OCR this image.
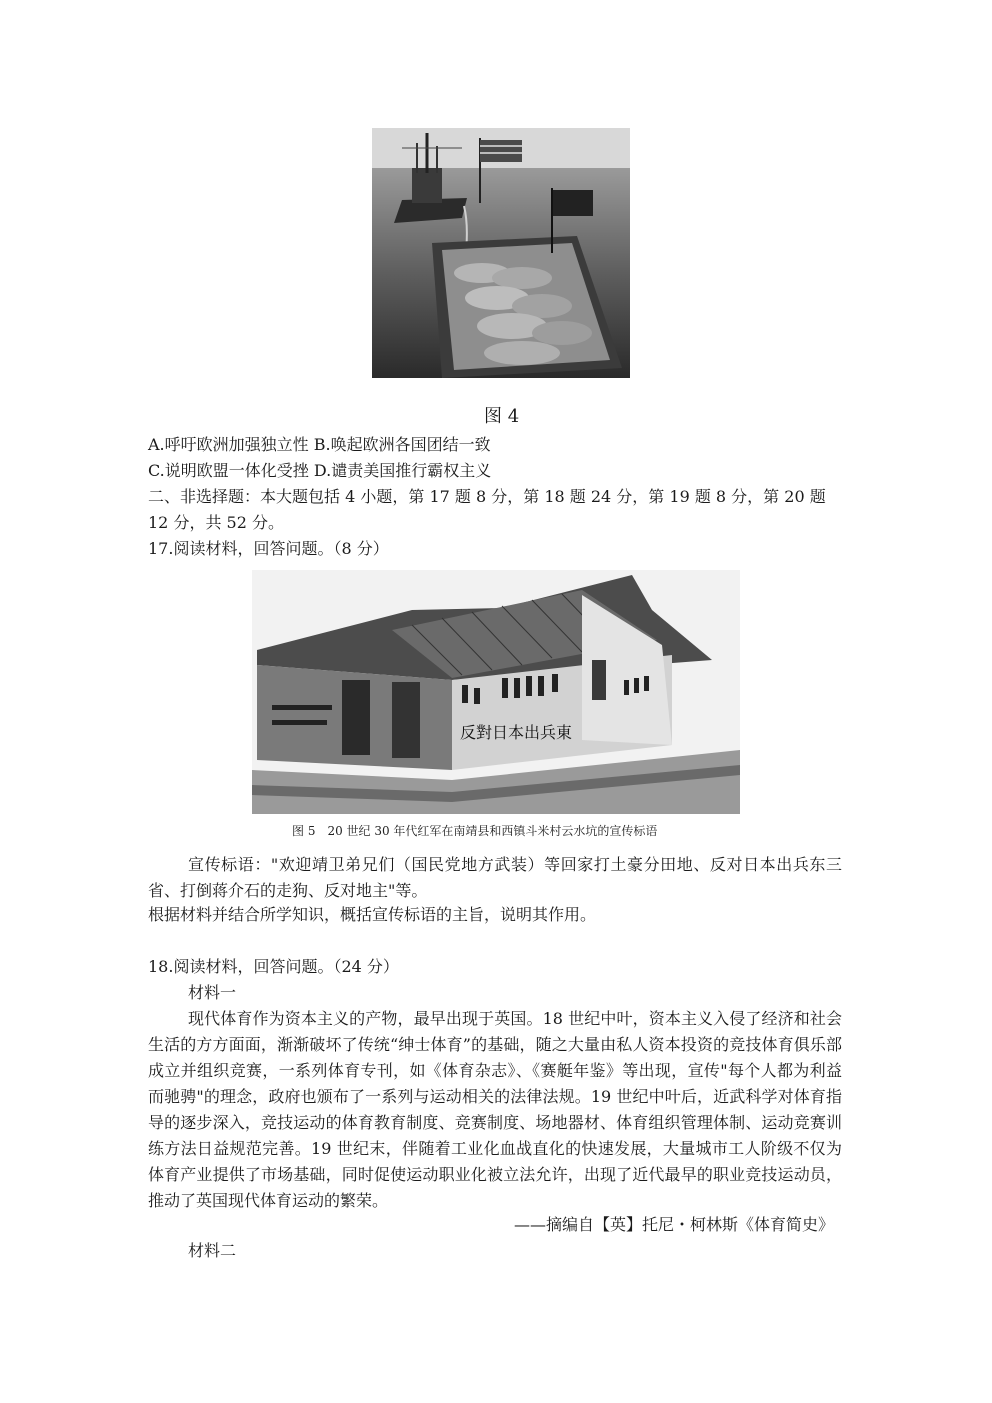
图 4
A.呼吁欧洲加强独立性 B.唤起欧洲各国团结一致
C.说明欧盟一体化受挫 D.谴责美国推行霸权主义
二、非选择题：本大题包括 4 小题，第 17 题 8 分，第 18 题 24 分，第 19 题 8 分，第 20 题
12 分，共 52 分。
17.阅读材料，回答问题。（8 分）
反對日本出兵東
图 5　20 世纪 30 年代红军在南靖县和西镇斗米村云水坑的宣传标语
宣传标语："欢迎靖卫弟兄们（国民党地方武装）等回家打土豪分田地、反对日本出兵东三省、打倒蒋介石的走狗、反对地主"等。
根据材料并结合所学知识，概括宣传标语的主旨，说明其作用。
18.阅读材料，回答问题。（24 分）
材料一
现代体育作为资本主义的产物，最早出现于英国。18 世纪中叶，资本主义入侵了经济和社会生活的方方面面，渐渐破坏了传统“绅士体育”的基础，随之大量由私人资本投资的竞技体育俱乐部成立并组织竞赛，一系列体育专刊，如《体育杂志》、《赛艇年鉴》等出现，宣传"每个人都为利益而驰骋"的理念，政府也颁布了一系列与运动相关的法律法规。19 世纪中叶后，近武科学对体育指导的逐步深入，竞技运动的体育教育制度、竞赛制度、场地器材、体育组织管理体制、运动竞赛训练方法日益规范完善。19 世纪末，伴随着工业化血战直化的快速发展，大量城市工人阶级不仅为体育产业提供了市场基础，同时促使运动职业化被立法允许，出现了近代最早的职业竞技运动员，推动了英国现代体育运动的繁荣。
——摘编自【英】托尼・柯林斯《体育简史》
材料二
